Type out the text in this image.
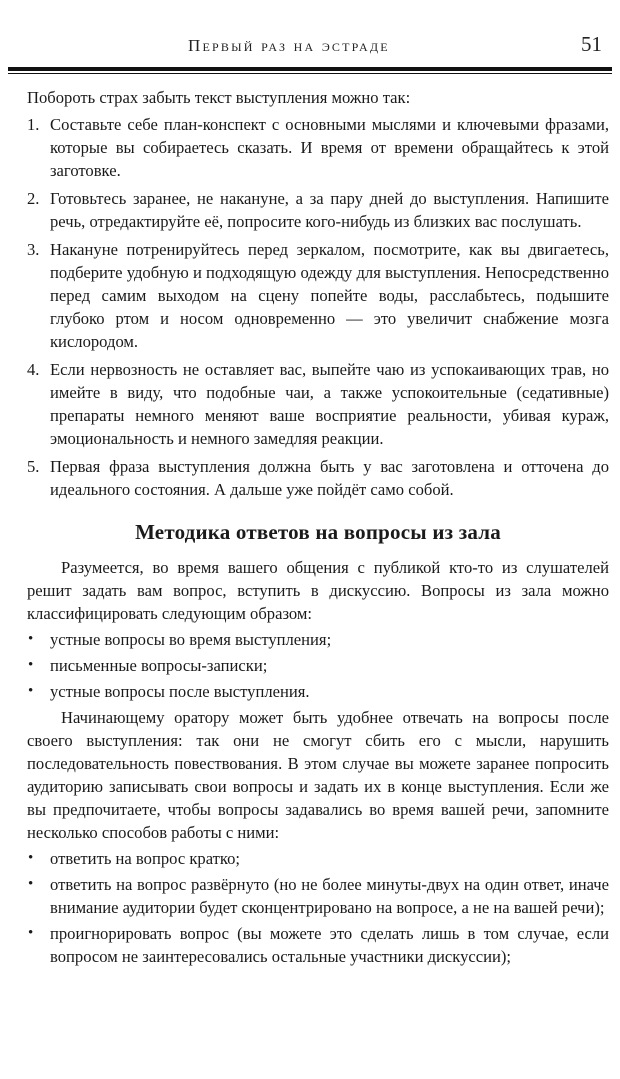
Первый раз на эстраде	51

Побороть страх забыть текст выступления можно так:

1. Составьте себе план-конспект с основными мыслями и ключевыми фразами, которые вы собираетесь сказать. И время от времени обращайтесь к этой заготовке.
2. Готовьтесь заранее, не накануне, а за пару дней до выступления. Напишите речь, отредактируйте её, попросите кого-нибудь из близких вас послушать.
3. Накануне потренируйтесь перед зеркалом, посмотрите, как вы двигаетесь, подберите удобную и подходящую одежду для выступления. Непосредственно перед самим выходом на сцену попейте воды, расслабьтесь, подышите глубоко ртом и носом одновременно — это увеличит снабжение мозга кислородом.
4. Если нервозность не оставляет вас, выпейте чаю из успокаивающих трав, но имейте в виду, что подобные чаи, а также успокоительные (седативные) препараты немного меняют ваше восприятие реальности, убивая кураж, эмоциональность и немного замедляя реакции.
5. Первая фраза выступления должна быть у вас заготовлена и отточена до идеального состояния. А дальше уже пойдёт само собой.
Методика ответов на вопросы из зала

Разумеется, во время вашего общения с публикой кто-то из слушателей решит задать вам вопрос, вступить в дискуссию. Вопросы из зала можно классифицировать следующим образом:

• устные вопросы во время выступления;
• письменные вопросы-записки;
• устные вопросы после выступления.

Начинающему оратору может быть удобнее отвечать на вопросы после своего выступления: так они не смогут сбить его с мысли, нарушить последовательность повествования. В этом случае вы можете заранее попросить аудиторию записывать свои вопросы и задать их в конце выступления. Если же вы предпочитаете, чтобы вопросы задавались во время вашей речи, запомните несколько способов работы с ними:

• ответить на вопрос кратко;
• ответить на вопрос развёрнуто (но не более минуты-двух на один ответ, иначе внимание аудитории будет сконцентрировано на вопросе, а не на вашей речи);
• проигнорировать вопрос (вы можете это сделать лишь в том случае, если вопросом не заинтересовались остальные участники дискуссии);
